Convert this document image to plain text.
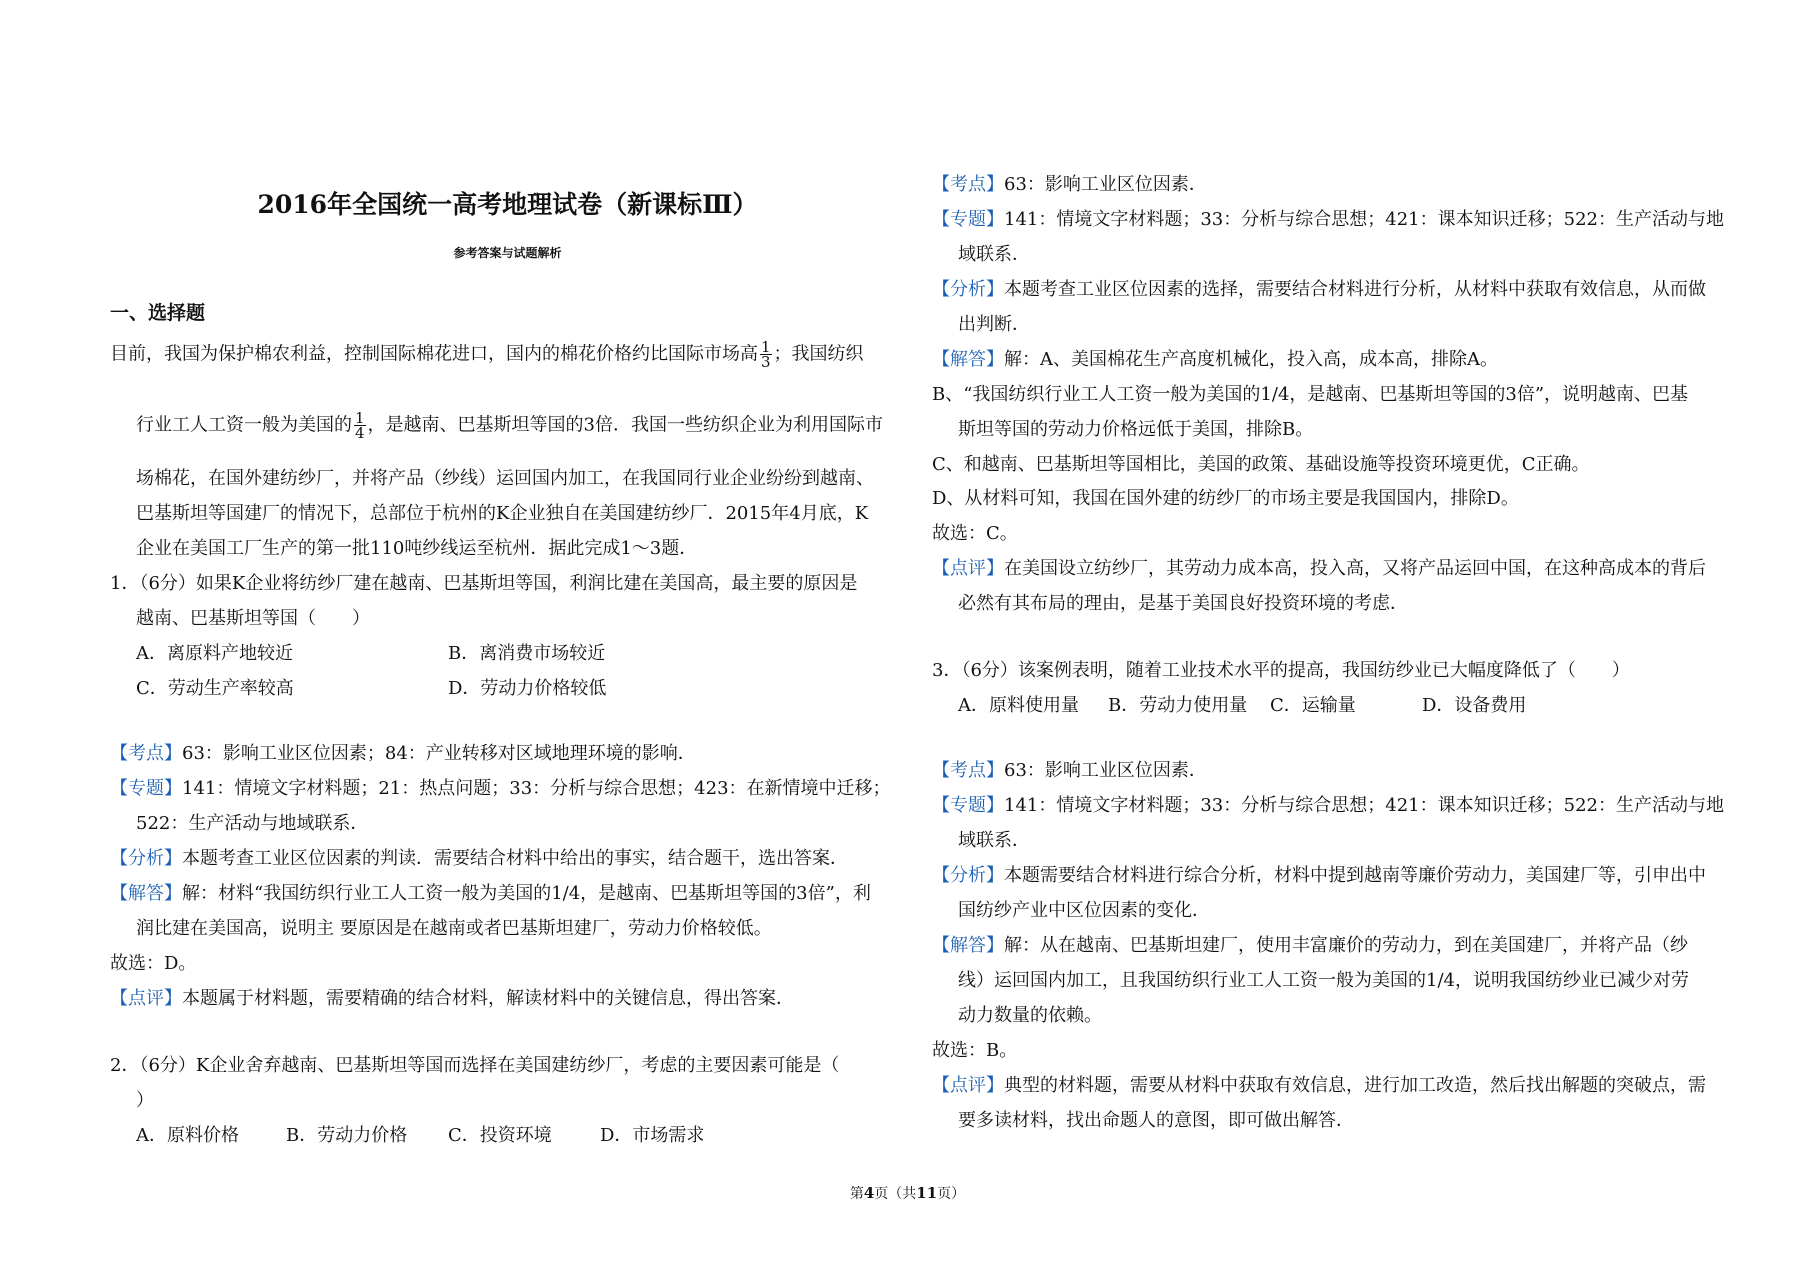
2016年全国统一高考地理试卷（新课标Ⅲ）
参考答案与试题解析
一、选择题
目前，我国为保护棉农利益，控制国际棉花进口，国内的棉花价格约比国际市场高 $\frac{1}{3}$ ；我国纺织
行业工人工资一般为美国的 $\frac{1}{4}$ ，是越南、巴基斯坦等国的3倍．我国一些纺织企业为利用国际市
场棉花，在国外建纺纱厂，并将产品（纱线）运回国内加工，在我国同行业企业纷纷到越南、
巴基斯坦等国建厂的情况下，总部位于杭州的K企业独自在美国建纺纱厂．2015年4月底，K
企业在美国工厂生产的第一批110吨纱线运至杭州．据此完成1～3题．
1．（6分）如果K企业将纺纱厂建在越南、巴基斯坦等国，利润比建在美国高，最主要的原因是
越南、巴基斯坦等国（　　）
A．离原料产地较近	B．离消费市场较近
C．劳动生产率较高	D．劳动力价格较低
【考点】63：影响工业区位因素；84：产业转移对区域地理环境的影响．
【专题】141：情境文字材料题；21：热点问题；33：分析与综合思想；423：在新情境中迁移；
522：生产活动与地域联系．
【分析】本题考查工业区位因素的判读．需要结合材料中给出的事实，结合题干，选出答案．
【解答】解：材料“我国纺织行业工人工资一般为美国的1/4，是越南、巴基斯坦等国的3倍”，利
润比建在美国高，说明主 要原因是在越南或者巴基斯坦建厂，劳动力价格较低。
故选：D。
【点评】本题属于材料题，需要精确的结合材料，解读材料中的关键信息，得出答案．
2．（6分）K企业舍弃越南、巴基斯坦等国而选择在美国建纺纱厂，考虑的主要因素可能是（
）
A．原料价格	B．劳动力价格 C．投资环境	D．市场需求
【考点】63：影响工业区位因素．
【专题】141：情境文字材料题；33：分析与综合思想；421：课本知识迁移；522：生产活动与地
域联系．
【分析】本题考查工业区位因素的选择，需要结合材料进行分析，从材料中获取有效信息，从而做
出判断．
【解答】解：A、美国棉花生产高度机械化，投入高，成本高，排除A。
B、“我国纺织行业工人工资一般为美国的1/4，是越南、巴基斯坦等国的3倍”，说明越南、巴基
斯坦等国的劳动力价格远低于美国，排除B。
C、和越南、巴基斯坦等国相比，美国的政策、基础设施等投资环境更优，C正确。
D、从材料可知，我国在国外建的纺纱厂的市场主要是我国国内，排除D。
故选：C。
【点评】在美国设立纺纱厂，其劳动力成本高，投入高，又将产品运回中国，在这种高成本的背后
必然有其布局的理由，是基于美国良好投资环境的考虑．
3．（6分）该案例表明，随着工业技术水平的提高，我国纺纱业已大幅度降低了（　　）
A．原料使用量 B．劳动力使用量 C．运输量	D．设备费用
【考点】63：影响工业区位因素．
【专题】141：情境文字材料题；33：分析与综合思想；421：课本知识迁移；522：生产活动与地
域联系．
【分析】本题需要结合材料进行综合分析，材料中提到越南等廉价劳动力，美国建厂等，引申出中
国纺纱产业中区位因素的变化．
【解答】解：从在越南、巴基斯坦建厂，使用丰富廉价的劳动力，到在美国建厂，并将产品（纱
线）运回国内加工，且我国纺织行业工人工资一般为美国的1/4，说明我国纺纱业已减少对劳
动力数量的依赖。
故选：B。
【点评】典型的材料题，需要从材料中获取有效信息，进行加工改造，然后找出解题的突破点，需
要多读材料，找出命题人的意图，即可做出解答．
第4页（共11页）
